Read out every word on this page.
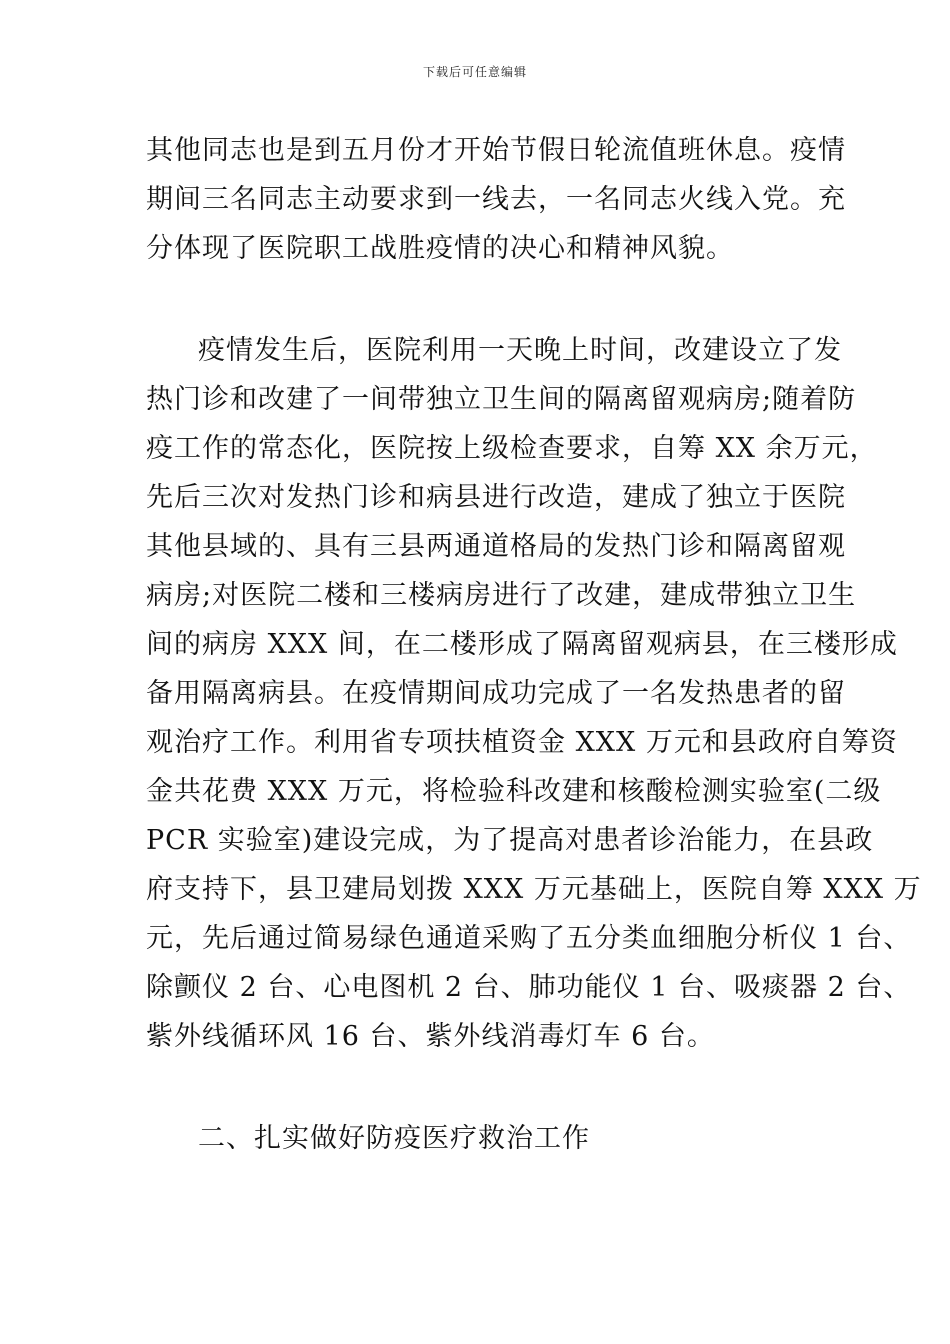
下载后可任意编辑
其他同志也是到五月份才开始节假日轮流值班休息。疫情
期间三名同志主动要求到一线去，一名同志火线入党。充
分体现了医院职工战胜疫情的决心和精神风貌。
疫情发生后，医院利用一天晚上时间，改建设立了发
热门诊和改建了一间带独立卫生间的隔离留观病房;随着防
疫工作的常态化，医院按上级检查要求，自筹 XX 余万元，
先后三次对发热门诊和病县进行改造，建成了独立于医院
其他县域的、具有三县两通道格局的发热门诊和隔离留观
病房;对医院二楼和三楼病房进行了改建，建成带独立卫生
间的病房 XXX 间，在二楼形成了隔离留观病县，在三楼形成
备用隔离病县。在疫情期间成功完成了一名发热患者的留
观治疗工作。利用省专项扶植资金 XXX 万元和县政府自筹资
金共花费 XXX 万元，将检验科改建和核酸检测实验室(二级
PCR 实验室)建设完成，为了提高对患者诊治能力，在县政
府支持下，县卫建局划拨 XXX 万元基础上，医院自筹 XXX 万
元，先后通过简易绿色通道采购了五分类血细胞分析仪 1 台、
除颤仪 2 台、心电图机 2 台、肺功能仪 1 台、吸痰器 2 台、
紫外线循环风 16 台、紫外线消毒灯车 6 台。
二、扎实做好防疫医疗救治工作
